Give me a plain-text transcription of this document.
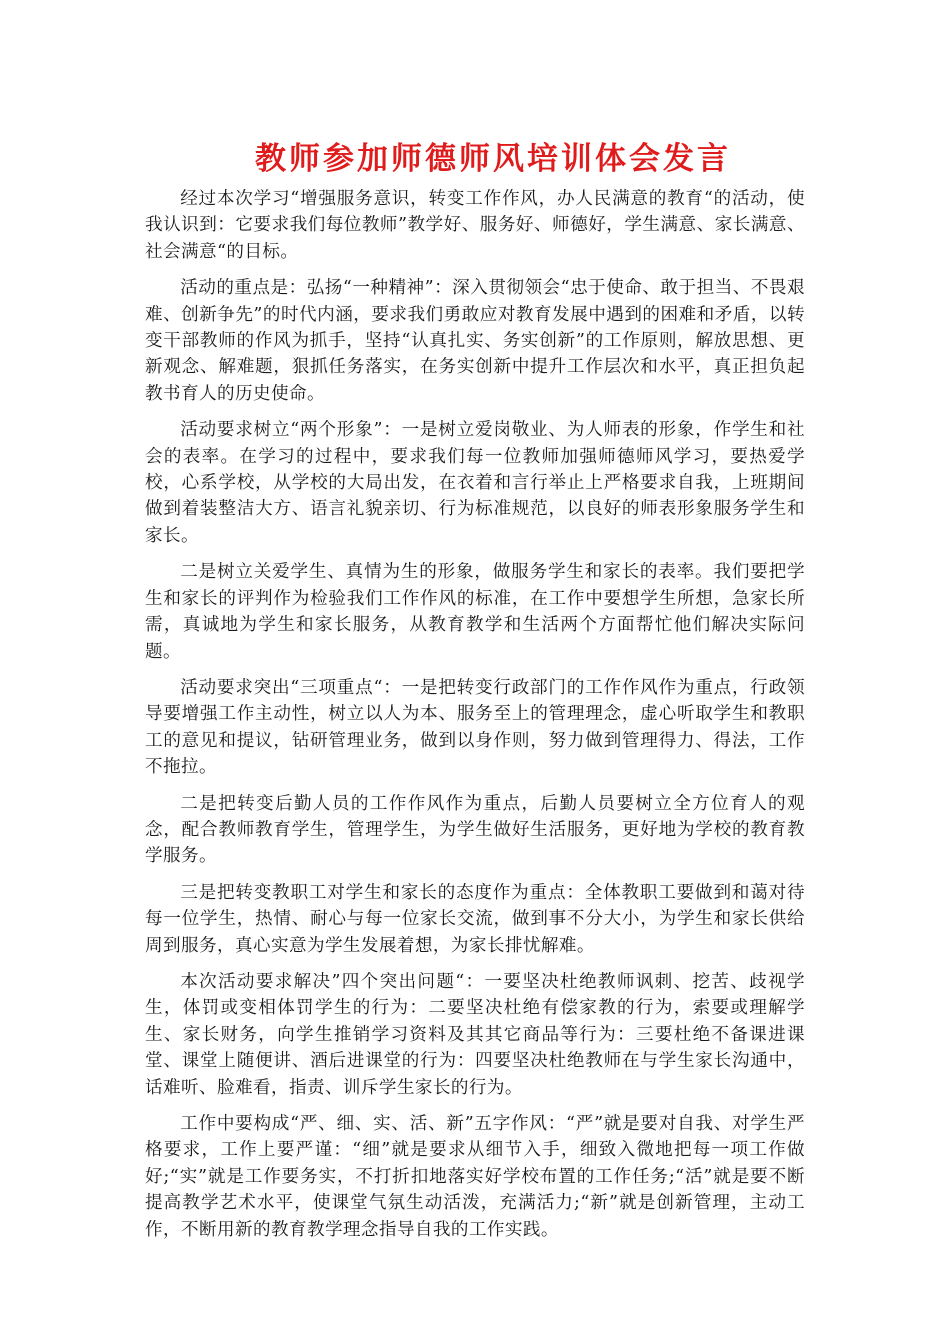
教师参加师德师风培训体会发言

经过本次学习“增强服务意识，转变工作作风，办人民满意的教育“的活动，使我认识到：它要求我们每位教师”教学好、服务好、师德好，学生满意、家长满意、社会满意“的目标。

活动的重点是：弘扬“一种精神”：深入贯彻领会“忠于使命、敢于担当、不畏艰难、创新争先”的时代内涵，要求我们勇敢应对教育发展中遇到的困难和矛盾，以转变干部教师的作风为抓手，坚持“认真扎实、务实创新”的工作原则，解放思想、更新观念、解难题，狠抓任务落实，在务实创新中提升工作层次和水平，真正担负起教书育人的历史使命。

活动要求树立“两个形象”：一是树立爱岗敬业、为人师表的形象，作学生和社会的表率。在学习的过程中，要求我们每一位教师加强师德师风学习，要热爱学校，心系学校，从学校的大局出发，在衣着和言行举止上严格要求自我，上班期间做到着装整洁大方、语言礼貌亲切、行为标准规范，以良好的师表形象服务学生和家长。

二是树立关爱学生、真情为生的形象，做服务学生和家长的表率。我们要把学生和家长的评判作为检验我们工作作风的标准，在工作中要想学生所想，急家长所需，真诚地为学生和家长服务，从教育教学和生活两个方面帮忙他们解决实际问题。

活动要求突出“三项重点“：一是把转变行政部门的工作作风作为重点，行政领导要增强工作主动性，树立以人为本、服务至上的管理理念，虚心听取学生和教职工的意见和提议，钻研管理业务，做到以身作则，努力做到管理得力、得法，工作不拖拉。

二是把转变后勤人员的工作作风作为重点，后勤人员要树立全方位育人的观念，配合教师教育学生，管理学生，为学生做好生活服务，更好地为学校的教育教学服务。

三是把转变教职工对学生和家长的态度作为重点：全体教职工要做到和蔼对待每一位学生，热情、耐心与每一位家长交流，做到事不分大小，为学生和家长供给周到服务，真心实意为学生发展着想，为家长排忧解难。

本次活动要求解决”四个突出问题“：一要坚决杜绝教师讽刺、挖苦、歧视学生，体罚或变相体罚学生的行为：二要坚决杜绝有偿家教的行为，索要或理解学生、家长财务，向学生推销学习资料及其其它商品等行为：三要杜绝不备课进课堂、课堂上随便讲、酒后进课堂的行为：四要坚决杜绝教师在与学生家长沟通中，话难听、脸难看，指责、训斥学生家长的行为。

工作中要构成“严、细、实、活、新”五字作风：“严”就是要对自我、对学生严格要求，工作上要严谨：“细”就是要求从细节入手，细致入微地把每一项工作做好;“实”就是工作要务实，不打折扣地落实好学校布置的工作任务;“活”就是要不断提高教学艺术水平，使课堂气氛生动活泼，充满活力;“新”就是创新管理，主动工作，不断用新的教育教学理念指导自我的工作实践。
